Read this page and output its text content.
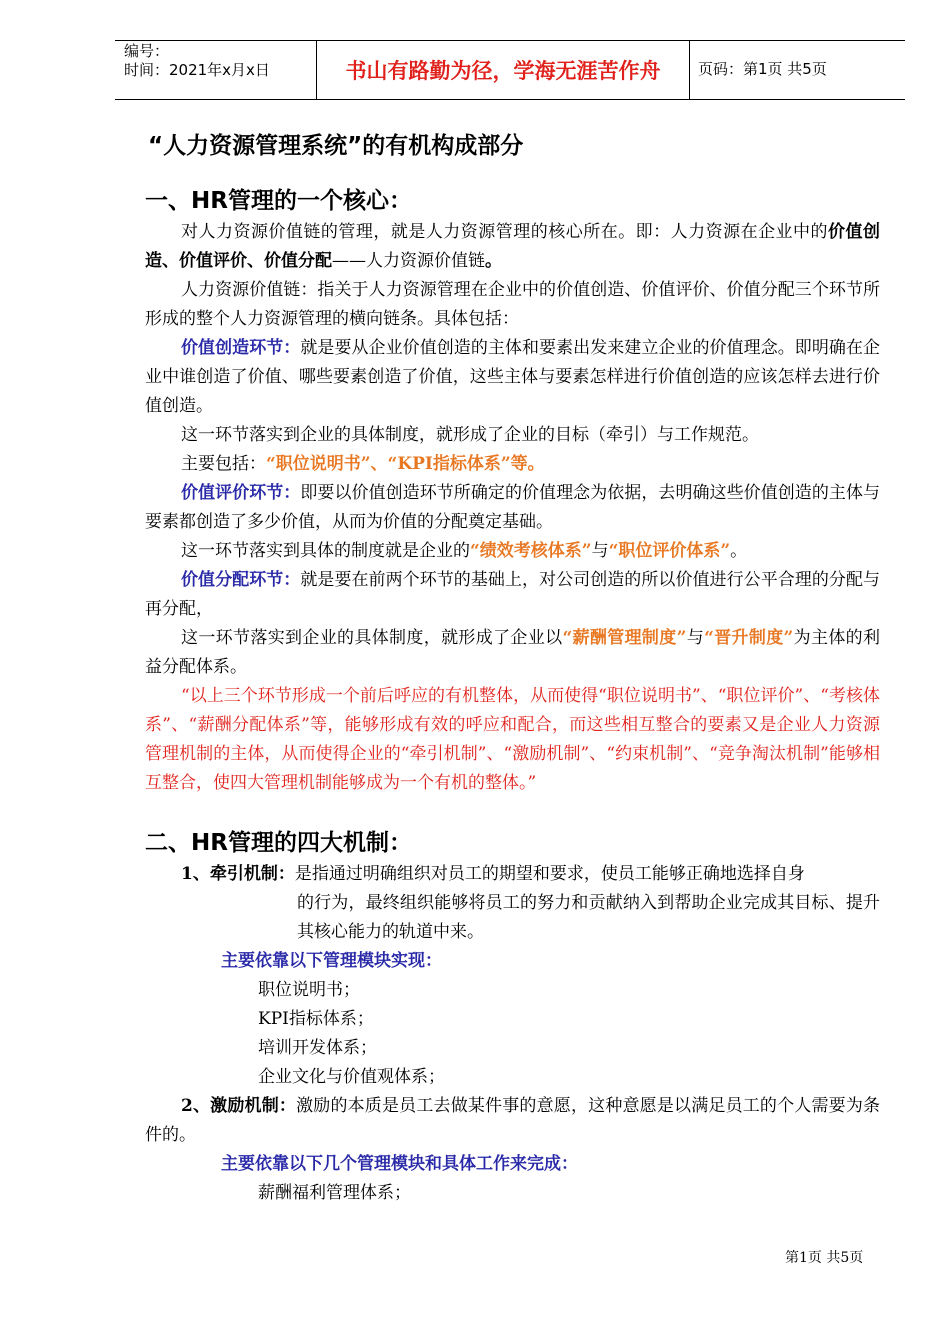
编号：
时间：2021年x月x日	书山有路勤为径，学海无涯苦作舟	页码：第1页 共5页
“人力资源管理系统”的有机构成部分
一、HR管理的一个核心：

对人力资源价值链的管理，就是人力资源管理的核心所在。即：人力资源在企业中的价值创造、价值评价、价值分配——人力资源价值链。

人力资源价值链：指关于人力资源管理在企业中的价值创造、价值评价、价值分配三个环节所形成的整个人力资源管理的横向链条。具体包括：

价值创造环节：就是要从企业价值创造的主体和要素出发来建立企业的价值理念。即明确在企业中谁创造了价值、哪些要素创造了价值，这些主体与要素怎样进行价值创造的应该怎样去进行价值创造。

这一环节落实到企业的具体制度，就形成了企业的目标（牵引）与工作规范。

主要包括：“职位说明书”、“KPI指标体系”等。

价值评价环节：即要以价值创造环节所确定的价值理念为依据，去明确这些价值创造的主体与要素都创造了多少价值，从而为价值的分配奠定基础。

这一环节落实到具体的制度就是企业的“绩效考核体系”与“职位评价体系”。

价值分配环节：就是要在前两个环节的基础上，对公司创造的所以价值进行公平合理的分配与再分配，

这一环节落实到企业的具体制度，就形成了企业以“薪酬管理制度”与“晋升制度”为主体的利益分配体系。

“以上三个环节形成一个前后呼应的有机整体，从而使得“职位说明书”、“职位评价”、“考核体系”、“薪酬分配体系”等，能够形成有效的呼应和配合，而这些相互整合的要素又是企业人力资源管理机制的主体，从而使得企业的“牵引机制”、“激励机制”、“约束机制”、“竞争淘汰机制”能够相互整合，使四大管理机制能够成为一个有机的整体。”

二、HR管理的四大机制：

1、牵引机制：是指通过明确组织对员工的期望和要求，使员工能够正确地选择自身

的行为，最终组织能够将员工的努力和贡献纳入到帮助企业完成其目标、提升其核心能力的轨道中来。

主要依靠以下管理模块实现：

职位说明书；

KPI指标体系；

培训开发体系；

企业文化与价值观体系；

2、激励机制：激励的本质是员工去做某件事的意愿，这种意愿是以满足员工的个人需要为条件的。

主要依靠以下几个管理模块和具体工作来完成：

薪酬福利管理体系；

第1页 共5页
